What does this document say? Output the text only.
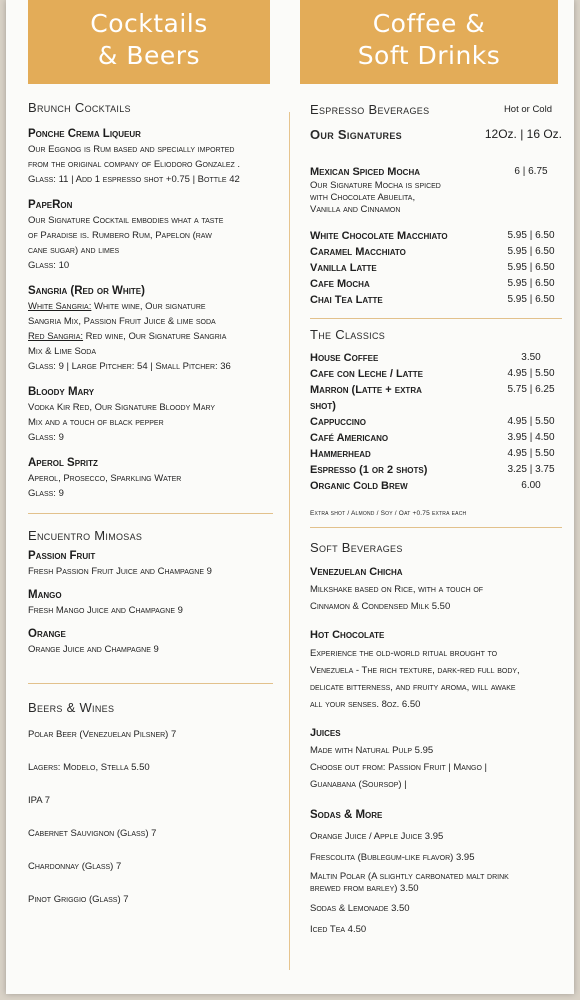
Cocktails
& Beers
Coffee &
Soft Drinks
Brunch Cocktails
Ponche Crema Liqueur
Our Eggnog is Rum based and specially imported
from the original company of Eliodoro Gonzalez .
Glass: 11 | Add 1 espresso shot +0.75 | Bottle 42
PapeRon
Our Signature Cocktail embodies what a taste
of Paradise is. Rumbero Rum, Papelon (raw
cane sugar) and limes
Glass: 10
Sangria (Red or White)
White Sangria: White wine, Our signature
Sangria Mix, Passion Fruit Juice & lime soda
Red Sangria: Red wine, Our Signature Sangria
Mix & Lime Soda
Glass: 9 | Large Pitcher: 54 | Small Pitcher: 36
Bloody Mary
Vodka Kir Red, Our Signature Bloody Mary
Mix and a touch of black pepper
Glass: 9
Aperol Spritz
Aperol, Prosecco, Sparkling Water
Glass: 9
Encuentro Mimosas
Passion Fruit
Fresh Passion Fruit Juice and Champagne 9
Mango
Fresh Mango Juice and Champagne 9
Orange
Orange Juice and Champagne 9
Beers & Wines
Polar Beer (Venezuelan Pilsner) 7
Lagers: Modelo, Stella 5.50
IPA 7
Cabernet Sauvignon (Glass) 7
Chardonnay (Glass) 7
Pinot Griggio (Glass) 7
Espresso Beverages	Hot or Cold
Our Signatures	12Oz. | 16 Oz.
Mexican Spiced Mocha	6 | 6.75
Our Signature Mocha is spiced
with Chocolate Abuelita,
Vanilla and Cinnamon
White Chocolate Macchiato	5.95 | 6.50
Caramel Macchiato	5.95 | 6.50
Vanilla Latte	5.95 | 6.50
Cafe Mocha	5.95 | 6.50
Chai Tea Latte	5.95 | 6.50
The Classics
House Coffee	3.50
Cafe con Leche / Latte	4.95 | 5.50
Marron (Latte + extra	5.75 | 6.25
shot)
Cappuccino	4.95 | 5.50
Café Americano	3.95 | 4.50
Hammerhead	4.95 | 5.50
Espresso (1 or 2 shots)	3.25 | 3.75
Organic Cold Brew	6.00
Extra shot / Almond / Soy / Oat +0.75 extra each
Soft Beverages
Venezuelan Chicha
Milkshake based on Rice, with a touch of
Cinnamon & Condensed Milk 5.50
Hot Chocolate
Experience the old-world ritual brought to
Venezuela - The rich texture, dark-red full body,
delicate bitterness, and fruity aroma, will awake
all your senses. 8oz. 6.50
Juices
Made with Natural Pulp 5.95
Choose out from: Passion Fruit | Mango |
Guanabana (Soursop) |
Sodas & More
Orange Juice / Apple Juice 3.95
Frescolita (Bublegum-like flavor) 3.95
Maltin Polar (A slightly carbonated malt drink
brewed from barley) 3.50
Sodas & Lemonade 3.50
Iced Tea 4.50
